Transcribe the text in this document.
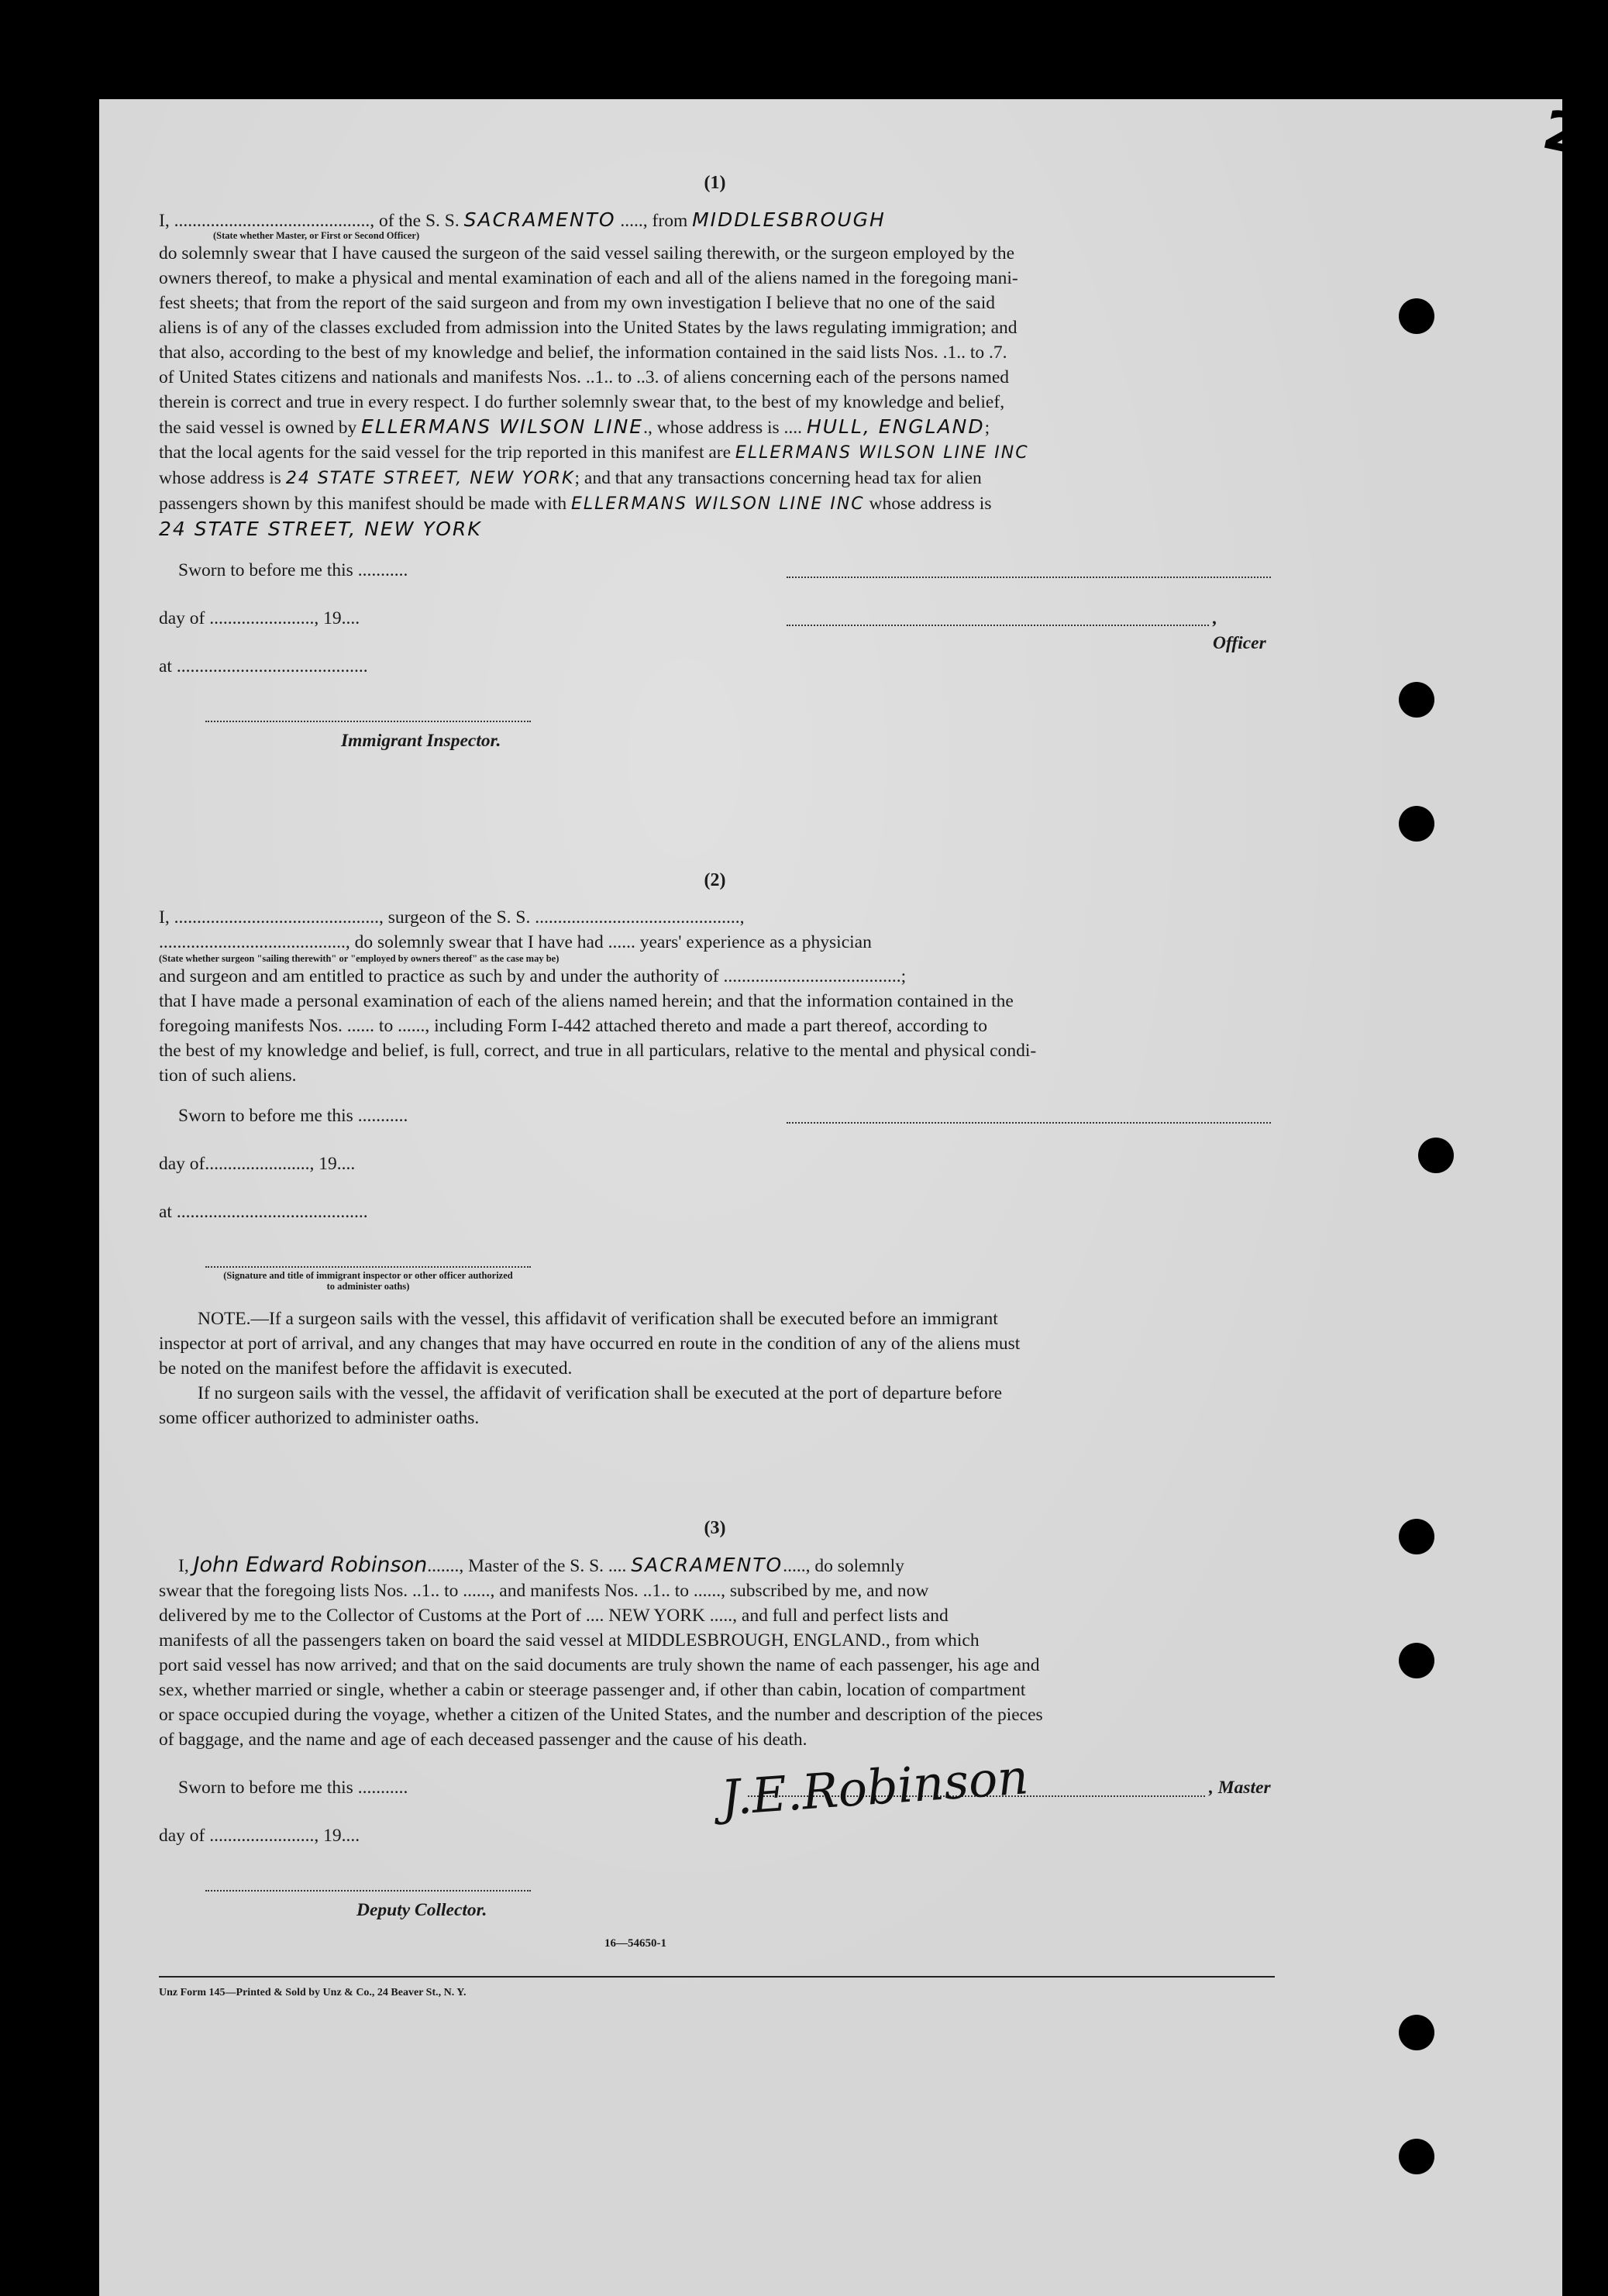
2
(1)
I, ..........................................., of the S. S. SACRAMENTO ....., from MIDDLESBROUGH
(State whether Master, or First or Second Officer)
do solemnly swear that I have caused the surgeon of the said vessel sailing therewith, or the surgeon employed by the
owners thereof, to make a physical and mental examination of each and all of the aliens named in the foregoing mani-
fest sheets; that from the report of the said surgeon and from my own investigation I believe that no one of the said
aliens is of any of the classes excluded from admission into the United States by the laws regulating immigration; and
that also, according to the best of my knowledge and belief, the information contained in the said lists Nos. .1.. to .7.
of United States citizens and nationals and manifests Nos. ..1.. to ..3. of aliens concerning each of the persons named
therein is correct and true in every respect. I do further solemnly swear that, to the best of my knowledge and belief,
the said vessel is owned by ELLERMANS WILSON LINE., whose address is .... HULL, ENGLAND;
that the local agents for the said vessel for the trip reported in this manifest are ELLERMANS WILSON LINE INC
whose address is 24 STATE STREET, NEW YORK; and that any transactions concerning head tax for alien
passengers shown by this manifest should be made with ELLERMANS WILSON LINE INC whose address is
24 STATE STREET, NEW YORK
Sworn to before me this ...........
day of ......................., 19....	, Officer
at ..........................................
Immigrant Inspector.
(2)
I, ............................................., surgeon of the S. S. .............................................,
........................................., do solemnly swear that I have had ...... years' experience as a physician
(State whether surgeon "sailing therewith" or "employed by owners thereof" as the case may be)
and surgeon and am entitled to practice as such by and under the authority of .......................................;
that I have made a personal examination of each of the aliens named herein; and that the information contained in the
foregoing manifests Nos. ...... to ......, including Form I-442 attached thereto and made a part thereof, according to
the best of my knowledge and belief, is full, correct, and true in all particulars, relative to the mental and physical condi-
tion of such aliens.
Sworn to before me this ...........
day of......................., 19....
at ..........................................
(Signature and title of immigrant inspector or other officer authorized to administer oaths)
NOTE.—If a surgeon sails with the vessel, this affidavit of verification shall be executed before an immigrant
inspector at port of arrival, and any changes that may have occurred en route in the condition of any of the aliens must
be noted on the manifest before the affidavit is executed.
If no surgeon sails with the vessel, the affidavit of verification shall be executed at the port of departure before
some officer authorized to administer oaths.
(3)
I, John Edward Robinson......., Master of the S. S. .... SACRAMENTO....., do solemnly
swear that the foregoing lists Nos. ..1.. to ......, and manifests Nos. ..1.. to ......, subscribed by me, and now
delivered by me to the Collector of Customs at the Port of .... NEW YORK ....., and full and perfect lists and
manifests of all the passengers taken on board the said vessel at MIDDLESBROUGH, ENGLAND., from which
port said vessel has now arrived; and that on the said documents are truly shown the name of each passenger, his age and
sex, whether married or single, whether a cabin or steerage passenger and, if other than cabin, location of compartment
or space occupied during the voyage, whether a citizen of the United States, and the number and description of the pieces
of baggage, and the name and age of each deceased passenger and the cause of his death.
Sworn to before me this ...........	, Master
day of ......................., 19....
Deputy Collector.
J.E.Robinson
16—54650-1
Unz Form 145—Printed & Sold by Unz & Co., 24 Beaver St., N. Y.
